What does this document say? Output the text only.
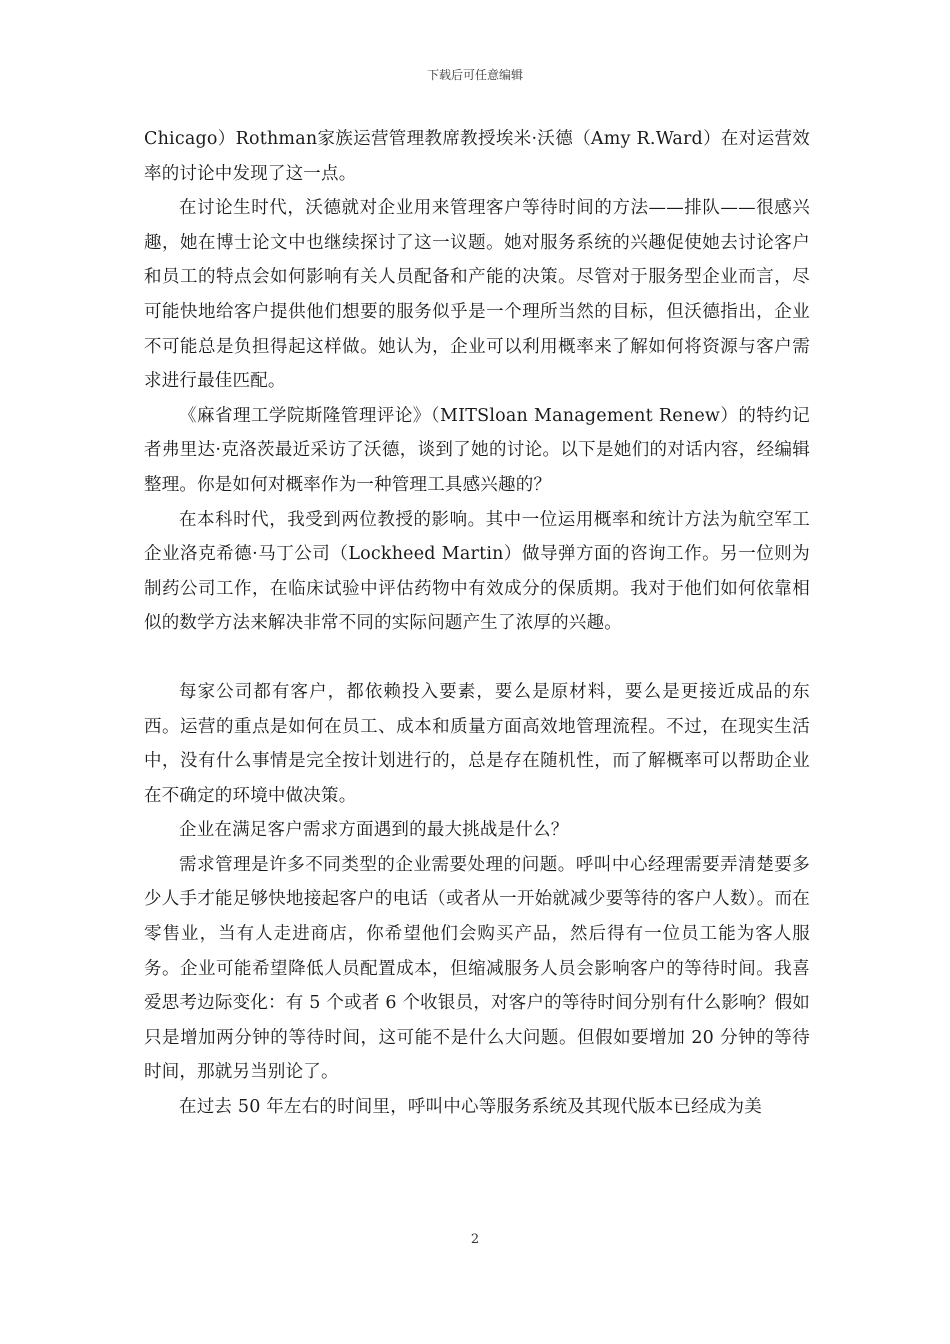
下载后可任意编辑

Chicago）Rothman家族运营管理教席教授埃米·沃德（Amy R.Ward）在对运营效率的讨论中发现了这一点。

在讨论生时代，沃德就对企业用来管理客户等待时间的方法——排队——很感兴趣，她在博士论文中也继续探讨了这一议题。她对服务系统的兴趣促使她去讨论客户和员工的特点会如何影响有关人员配备和产能的决策。尽管对于服务型企业而言，尽可能快地给客户提供他们想要的服务似乎是一个理所当然的目标，但沃德指出，企业不可能总是负担得起这样做。她认为，企业可以利用概率来了解如何将资源与客户需求进行最佳匹配。

《麻省理工学院斯隆管理评论》（MITSloan Management Renew）的特约记者弗里达·克洛茨最近采访了沃德，谈到了她的讨论。以下是她们的对话内容，经编辑整理。你是如何对概率作为一种管理工具感兴趣的？

在本科时代，我受到两位教授的影响。其中一位运用概率和统计方法为航空军工企业洛克希德·马丁公司（Lockheed Martin）做导弹方面的咨询工作。另一位则为制药公司工作，在临床试验中评估药物中有效成分的保质期。我对于他们如何依靠相似的数学方法来解决非常不同的实际问题产生了浓厚的兴趣。

每家公司都有客户，都依赖投入要素，要么是原材料，要么是更接近成品的东西。运营的重点是如何在员工、成本和质量方面高效地管理流程。不过，在现实生活中，没有什么事情是完全按计划进行的，总是存在随机性，而了解概率可以帮助企业在不确定的环境中做决策。

企业在满足客户需求方面遇到的最大挑战是什么？

需求管理是许多不同类型的企业需要处理的问题。呼叫中心经理需要弄清楚要多少人手才能足够快地接起客户的电话（或者从一开始就减少要等待的客户人数）。而在零售业，当有人走进商店，你希望他们会购买产品，然后得有一位员工能为客人服务。企业可能希望降低人员配置成本，但缩减服务人员会影响客户的等待时间。我喜爱思考边际变化：有 5 个或者 6 个收银员，对客户的等待时间分别有什么影响？假如只是增加两分钟的等待时间，这可能不是什么大问题。但假如要增加 20 分钟的等待时间，那就另当别论了。

在过去 50 年左右的时间里，呼叫中心等服务系统及其现代版本已经成为美

2
